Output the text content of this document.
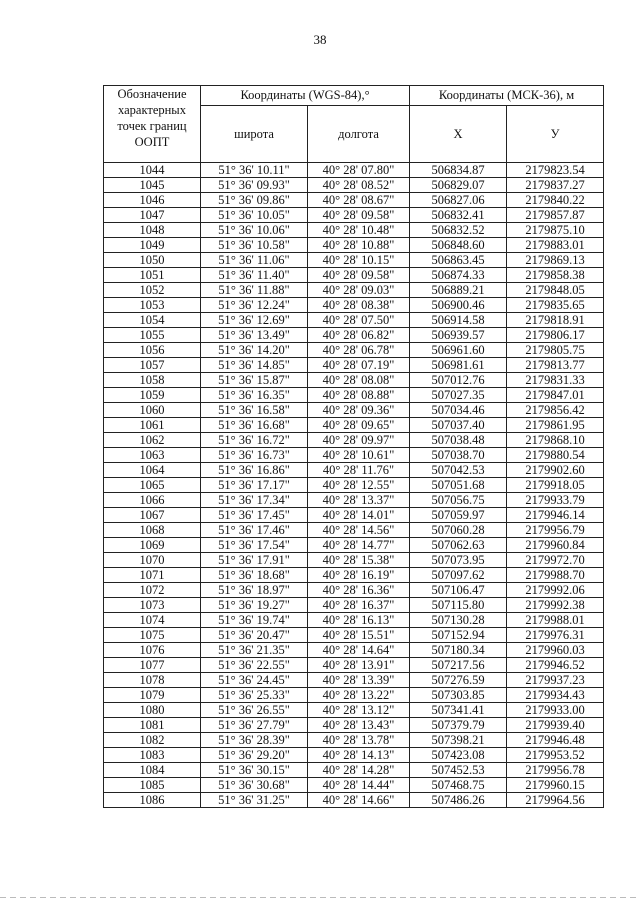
38
Обозначение характерных точек границ ООПТ	Координаты (WGS-84),°		Координаты (МСК-36), м	
	широта	долгота	X	У
1044	51° 36' 10.11"	40° 28' 07.80"	506834.87	2179823.54
1045	51° 36' 09.93"	40° 28' 08.52"	506829.07	2179837.27
1046	51° 36' 09.86"	40° 28' 08.67"	506827.06	2179840.22
1047	51° 36' 10.05"	40° 28' 09.58"	506832.41	2179857.87
1048	51° 36' 10.06"	40° 28' 10.48"	506832.52	2179875.10
1049	51° 36' 10.58"	40° 28' 10.88"	506848.60	2179883.01
1050	51° 36' 11.06"	40° 28' 10.15"	506863.45	2179869.13
1051	51° 36' 11.40"	40° 28' 09.58"	506874.33	2179858.38
1052	51° 36' 11.88"	40° 28' 09.03"	506889.21	2179848.05
1053	51° 36' 12.24"	40° 28' 08.38"	506900.46	2179835.65
1054	51° 36' 12.69"	40° 28' 07.50"	506914.58	2179818.91
1055	51° 36' 13.49"	40° 28' 06.82"	506939.57	2179806.17
1056	51° 36' 14.20"	40° 28' 06.78"	506961.60	2179805.75
1057	51° 36' 14.85"	40° 28' 07.19"	506981.61	2179813.77
1058	51° 36' 15.87"	40° 28' 08.08"	507012.76	2179831.33
1059	51° 36' 16.35"	40° 28' 08.88"	507027.35	2179847.01
1060	51° 36' 16.58"	40° 28' 09.36"	507034.46	2179856.42
1061	51° 36' 16.68"	40° 28' 09.65"	507037.40	2179861.95
1062	51° 36' 16.72"	40° 28' 09.97"	507038.48	2179868.10
1063	51° 36' 16.73"	40° 28' 10.61"	507038.70	2179880.54
1064	51° 36' 16.86"	40° 28' 11.76"	507042.53	2179902.60
1065	51° 36' 17.17"	40° 28' 12.55"	507051.68	2179918.05
1066	51° 36' 17.34"	40° 28' 13.37"	507056.75	2179933.79
1067	51° 36' 17.45"	40° 28' 14.01"	507059.97	2179946.14
1068	51° 36' 17.46"	40° 28' 14.56"	507060.28	2179956.79
1069	51° 36' 17.54"	40° 28' 14.77"	507062.63	2179960.84
1070	51° 36' 17.91"	40° 28' 15.38"	507073.95	2179972.70
1071	51° 36' 18.68"	40° 28' 16.19"	507097.62	2179988.70
1072	51° 36' 18.97"	40° 28' 16.36"	507106.47	2179992.06
1073	51° 36' 19.27"	40° 28' 16.37"	507115.80	2179992.38
1074	51° 36' 19.74"	40° 28' 16.13"	507130.28	2179988.01
1075	51° 36' 20.47"	40° 28' 15.51"	507152.94	2179976.31
1076	51° 36' 21.35"	40° 28' 14.64"	507180.34	2179960.03
1077	51° 36' 22.55"	40° 28' 13.91"	507217.56	2179946.52
1078	51° 36' 24.45"	40° 28' 13.39"	507276.59	2179937.23
1079	51° 36' 25.33"	40° 28' 13.22"	507303.85	2179934.43
1080	51° 36' 26.55"	40° 28' 13.12"	507341.41	2179933.00
1081	51° 36' 27.79"	40° 28' 13.43"	507379.79	2179939.40
1082	51° 36' 28.39"	40° 28' 13.78"	507398.21	2179946.48
1083	51° 36' 29.20"	40° 28' 14.13"	507423.08	2179953.52
1084	51° 36' 30.15"	40° 28' 14.28"	507452.53	2179956.78
1085	51° 36' 30.68"	40° 28' 14.44"	507468.75	2179960.15
1086	51° 36' 31.25"	40° 28' 14.66"	507486.26	2179964.56
